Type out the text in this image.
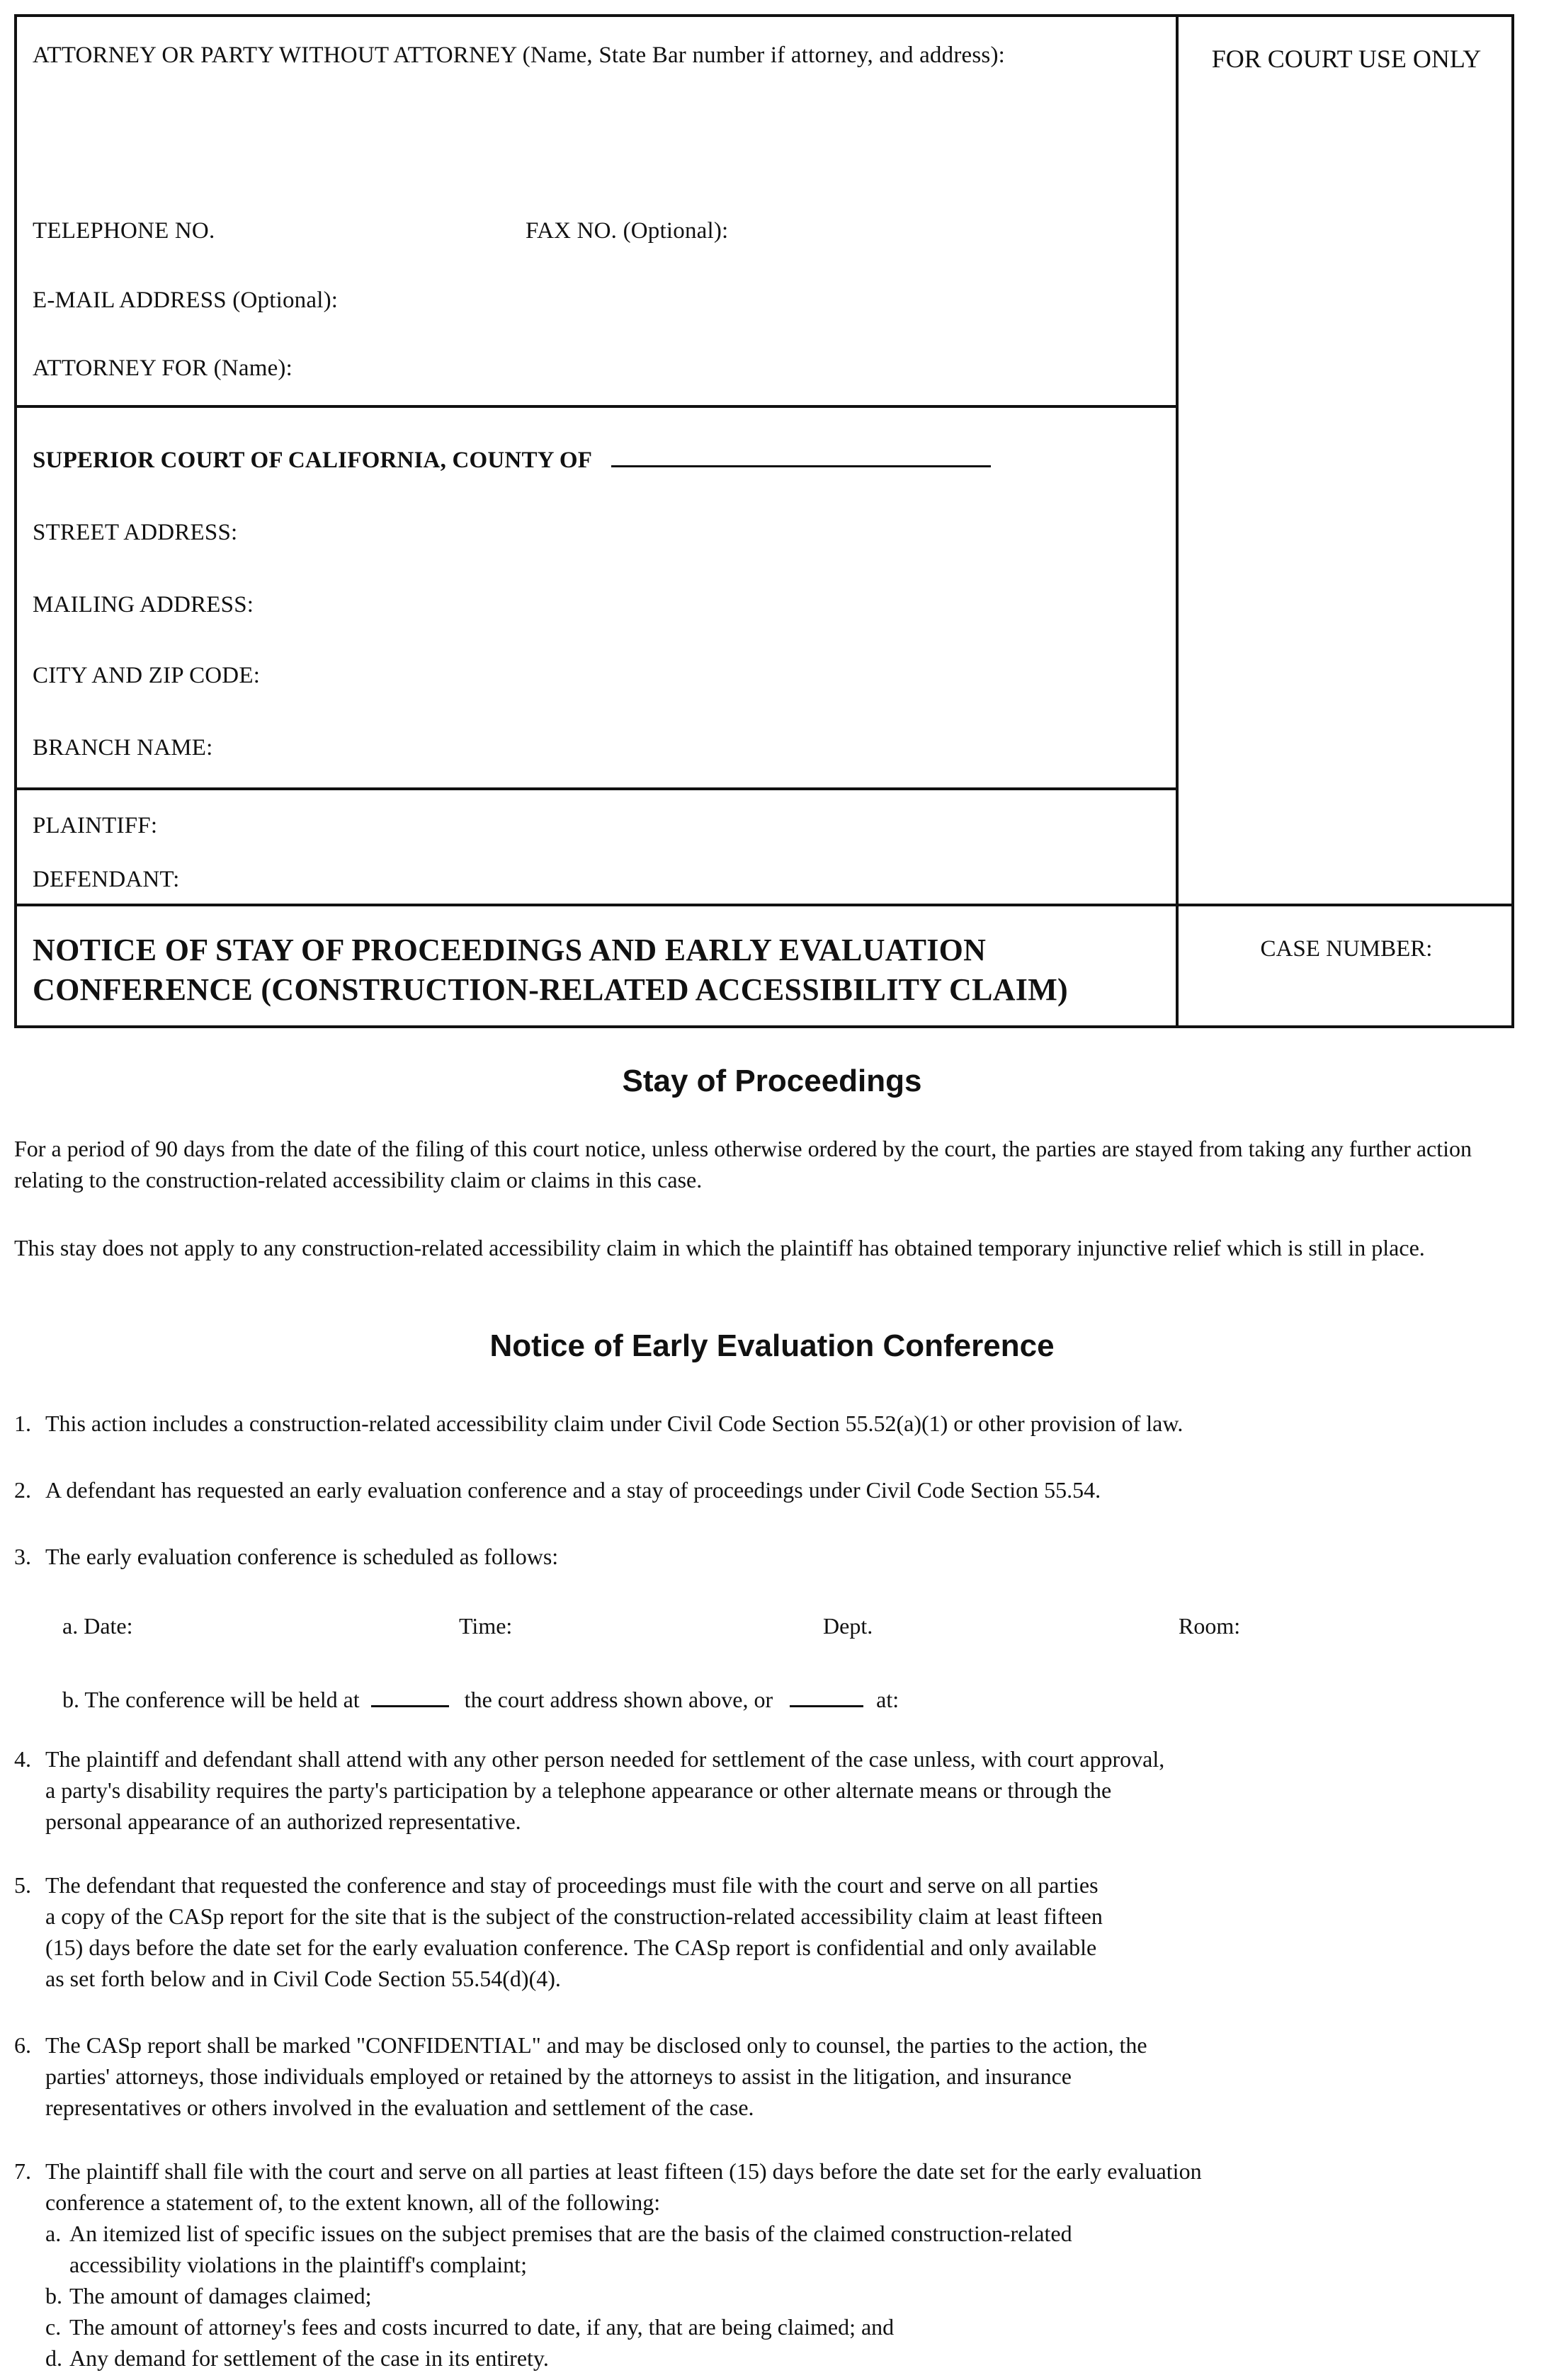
ATTORNEY OR PARTY WITHOUT ATTORNEY (Name, State Bar number if attorney, and address):	FOR COURT USE ONLY
TELEPHONE NO.	FAX NO. (Optional):
E-MAIL ADDRESS (Optional):
ATTORNEY FOR (Name):
SUPERIOR COURT OF CALIFORNIA, COUNTY OF
STREET ADDRESS:
MAILING ADDRESS:
CITY AND ZIP CODE:
BRANCH NAME:
PLAINTIFF:
DEFENDANT:
NOTICE OF STAY OF PROCEEDINGS AND EARLY EVALUATION
CONFERENCE (CONSTRUCTION-RELATED ACCESSIBILITY CLAIM)
CASE NUMBER:
Stay of Proceedings

For a period of 90 days from the date of the filing of this court notice, unless otherwise ordered by the court, the parties are stayed from taking any further action relating to the construction-related accessibility claim or claims in this case.

This stay does not apply to any construction-related accessibility claim in which the plaintiff has obtained temporary injunctive relief which is still in place.

Notice of Early Evaluation Conference
1. This action includes a construction-related accessibility claim under Civil Code Section 55.52(a)(1) or other provision of law.
2. A defendant has requested an early evaluation conference and a stay of proceedings under Civil Code Section 55.54.
3. The early evaluation conference is scheduled as follows:
a. Date:	Time:	Dept.	Room:
b. The conference will be held at	the court address shown above, or	at:
4. The plaintiff and defendant shall attend with any other person needed for settlement of the case unless, with court approval,
a party's disability requires the party's participation by a telephone appearance or other alternate means or through the
personal appearance of an authorized representative.
5. The defendant that requested the conference and stay of proceedings must file with the court and serve on all parties
a copy of the CASp report for the site that is the subject of the construction-related accessibility claim at least fifteen
(15) days before the date set for the early evaluation conference. The CASp report is confidential and only available
as set forth below and in Civil Code Section 55.54(d)(4).
6. The CASp report shall be marked "CONFIDENTIAL" and may be disclosed only to counsel, the parties to the action, the
parties' attorneys, those individuals employed or retained by the attorneys to assist in the litigation, and insurance
representatives or others involved in the evaluation and settlement of the case.
7. The plaintiff shall file with the court and serve on all parties at least fifteen (15) days before the date set for the early evaluation
conference a statement of, to the extent known, all of the following:
a. An itemized list of specific issues on the subject premises that are the basis of the claimed construction-related
accessibility violations in the plaintiff's complaint;
b. The amount of damages claimed;
c. The amount of attorney's fees and costs incurred to date, if any, that are being claimed; and
d. Any demand for settlement of the case in its entirety.
